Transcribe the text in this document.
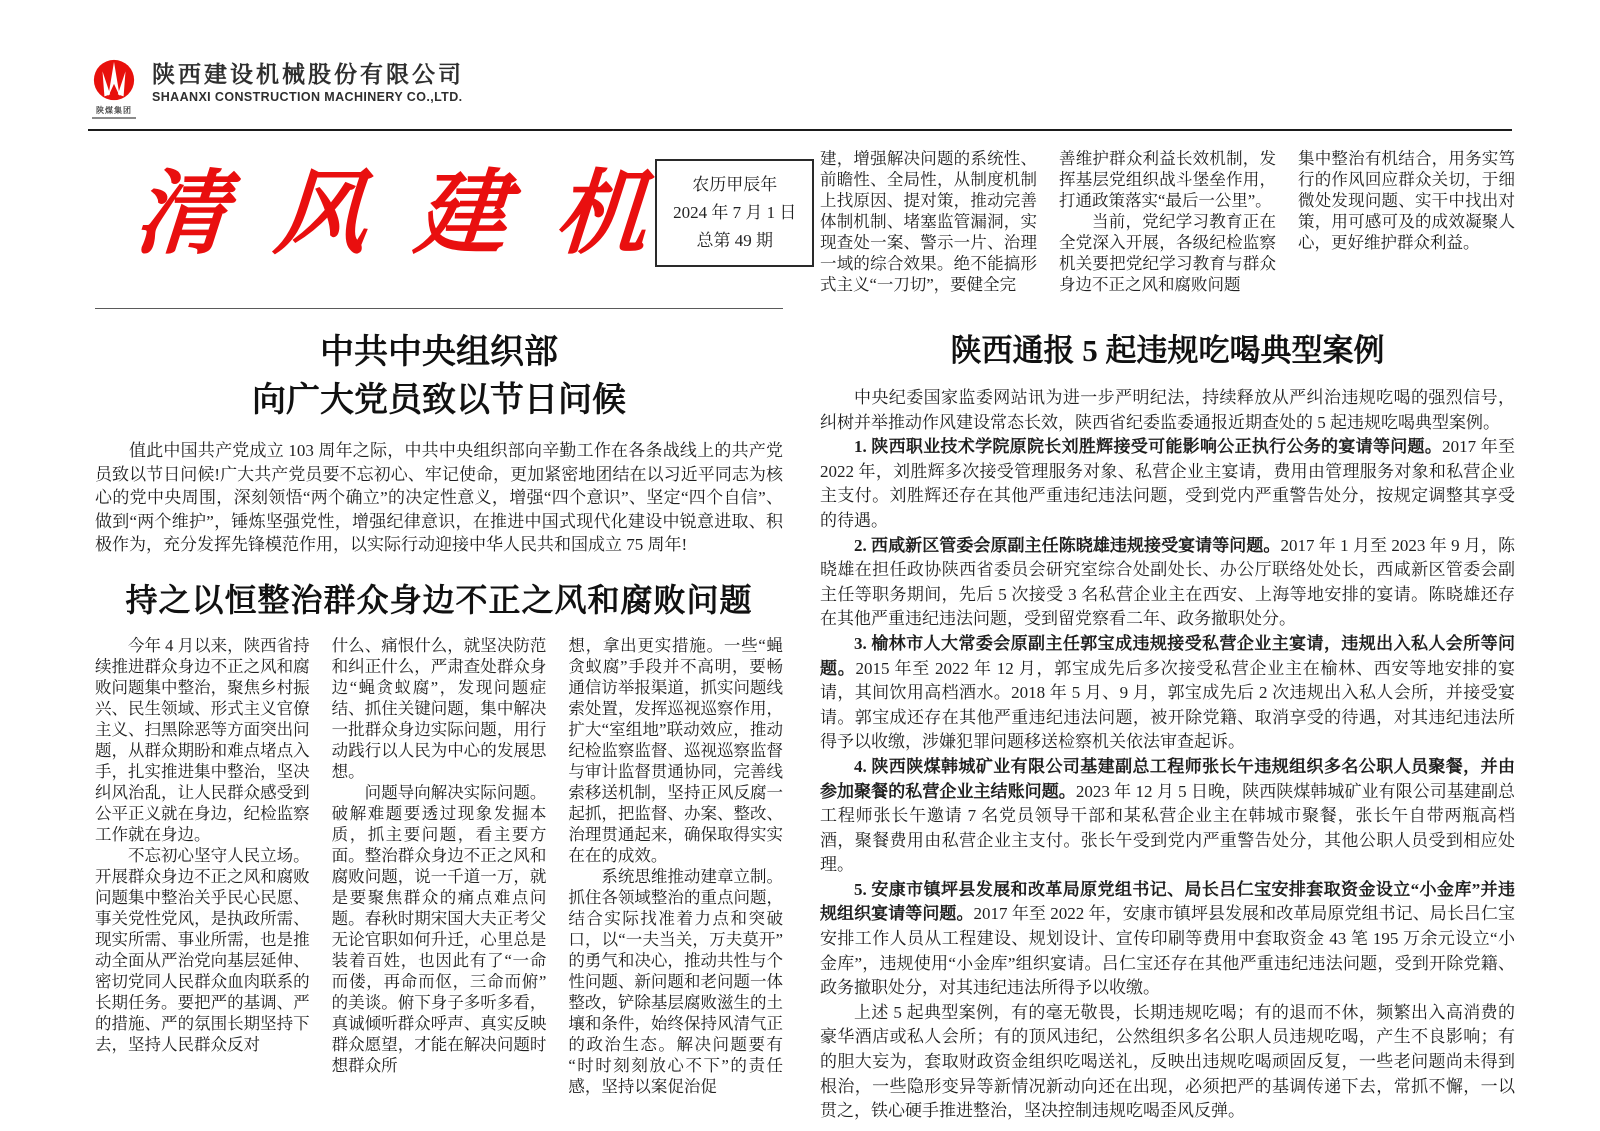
陕煤集团
陕西建设机械股份有限公司
SHAANXI CONSTRUCTION MACHINERY CO.,LTD.
清 风 建 机	农历甲辰年
2024 年 7 月 1 日
总第 49 期
中共中央组织部
向广大党员致以节日问候
值此中国共产党成立 103 周年之际，中共中央组织部向辛勤工作在各条战线上的共产党员致以节日问候!广大共产党员要不忘初心、牢记使命，更加紧密地团结在以习近平同志为核心的党中央周围，深刻领悟“两个确立”的决定性意义，增强“四个意识”、坚定“四个自信”、做到“两个维护”，锤炼坚强党性，增强纪律意识，在推进中国式现代化建设中锐意进取、积极作为，充分发挥先锋模范作用，以实际行动迎接中华人民共和国成立 75 周年!
持之以恒整治群众身边不正之风和腐败问题

今年 4 月以来，陕西省持续推进群众身边不正之风和腐败问题集中整治，聚焦乡村振兴、民生领域、形式主义官僚主义、扫黑除恶等方面突出问题，从群众期盼和难点堵点入手，扎实推进集中整治，坚决纠风治乱，让人民群众感受到公平正义就在身边，纪检监察工作就在身边。

不忘初心坚守人民立场。开展群众身边不正之风和腐败问题集中整治关乎民心民愿、事关党性党风，是执政所需、现实所需、事业所需，也是推动全面从严治党向基层延伸、密切党同人民群众血肉联系的长期任务。要把严的基调、严的措施、严的氛围长期坚持下去，坚持人民群众反对

什么、痛恨什么，就坚决防范和纠正什么，严肃查处群众身边“蝇贪蚁腐”，发现问题症结、抓住关键问题，集中解决一批群众身边实际问题，用行动践行以人民为中心的发展思想。

问题导向解决实际问题。破解难题要透过现象发掘本质，抓主要问题，看主要方面。整治群众身边不正之风和腐败问题，说一千道一万，就是要聚焦群众的痛点难点问题。春秋时期宋国大夫正考父无论官职如何升迁，心里总是装着百姓，也因此有了“一命而偻，再命而伛，三命而俯”的美谈。俯下身子多听多看，真诚倾听群众呼声、真实反映群众愿望，才能在解决问题时想群众所

想，拿出更实措施。一些“蝇贪蚁腐”手段并不高明，要畅通信访举报渠道，抓实问题线索处置，发挥巡视巡察作用，扩大“室组地”联动效应，推动纪检监察监督、巡视巡察监督与审计监督贯通协同，完善线索移送机制，坚持正风反腐一起抓，把监督、办案、整改、治理贯通起来，确保取得实实在在的成效。

系统思维推动建章立制。抓住各领域整治的重点问题，结合实际找准着力点和突破口，以“一夫当关，万夫莫开”的勇气和决心，推动共性与个性问题、新问题和老问题一体整改，铲除基层腐败滋生的土壤和条件，始终保持风清气正的政治生态。解决问题要有“时时刻刻放心不下”的责任感，坚持以案促治促

建，增强解决问题的系统性、前瞻性、全局性，从制度机制上找原因、提对策，推动完善体制机制、堵塞监管漏洞，实现查处一案、警示一片、治理一域的综合效果。绝不能搞形式主义“一刀切”，要健全完

善维护群众利益长效机制，发挥基层党组织战斗堡垒作用，打通政策落实“最后一公里”。

当前，党纪学习教育正在全党深入开展，各级纪检监察机关要把党纪学习教育与群众身边不正之风和腐败问题

集中整治有机结合，用务实笃行的作风回应群众关切，于细微处发现问题、实干中找出对策，用可感可及的成效凝聚人心，更好维护群众利益。

陕西通报 5 起违规吃喝典型案例

中央纪委国家监委网站讯为进一步严明纪法，持续释放从严纠治违规吃喝的强烈信号，纠树并举推动作风建设常态长效，陕西省纪委监委通报近期查处的 5 起违规吃喝典型案例。

1. 陕西职业技术学院原院长刘胜辉接受可能影响公正执行公务的宴请等问题。2017 年至 2022 年，刘胜辉多次接受管理服务对象、私营企业主宴请，费用由管理服务对象和私营企业主支付。刘胜辉还存在其他严重违纪违法问题，受到党内严重警告处分，按规定调整其享受的待遇。

2. 西咸新区管委会原副主任陈晓雄违规接受宴请等问题。2017 年 1 月至 2023 年 9 月，陈晓雄在担任政协陕西省委员会研究室综合处副处长、办公厅联络处处长，西咸新区管委会副主任等职务期间，先后 5 次接受 3 名私营企业主在西安、上海等地安排的宴请。陈晓雄还存在其他严重违纪违法问题，受到留党察看二年、政务撤职处分。

3. 榆林市人大常委会原副主任郭宝成违规接受私营企业主宴请，违规出入私人会所等问题。2015 年至 2022 年 12 月，郭宝成先后多次接受私营企业主在榆林、西安等地安排的宴请，其间饮用高档酒水。2018 年 5 月、9 月，郭宝成先后 2 次违规出入私人会所，并接受宴请。郭宝成还存在其他严重违纪违法问题，被开除党籍、取消享受的待遇，对其违纪违法所得予以收缴，涉嫌犯罪问题移送检察机关依法审查起诉。

4. 陕西陕煤韩城矿业有限公司基建副总工程师张长午违规组织多名公职人员聚餐，并由参加聚餐的私营企业主结账问题。2023 年 12 月 5 日晚，陕西陕煤韩城矿业有限公司基建副总工程师张长午邀请 7 名党员领导干部和某私营企业主在韩城市聚餐，张长午自带两瓶高档酒，聚餐费用由私营企业主支付。张长午受到党内严重警告处分，其他公职人员受到相应处理。

5. 安康市镇坪县发展和改革局原党组书记、局长吕仁宝安排套取资金设立“小金库”并违规组织宴请等问题。2017 年至 2022 年，安康市镇坪县发展和改革局原党组书记、局长吕仁宝安排工作人员从工程建设、规划设计、宣传印刷等费用中套取资金 43 笔 195 万余元设立“小金库”，违规使用“小金库”组织宴请。吕仁宝还存在其他严重违纪违法问题，受到开除党籍、政务撤职处分，对其违纪违法所得予以收缴。

上述 5 起典型案例，有的毫无敬畏，长期违规吃喝；有的退而不休，频繁出入高消费的豪华酒店或私人会所；有的顶风违纪，公然组织多名公职人员违规吃喝，产生不良影响；有的胆大妄为，套取财政资金组织吃喝送礼，反映出违规吃喝顽固反复，一些老问题尚未得到根治，一些隐形变异等新情况新动向还在出现，必须把严的基调传递下去，常抓不懈，一以贯之，铁心硬手推进整治，坚决控制违规吃喝歪风反弹。
